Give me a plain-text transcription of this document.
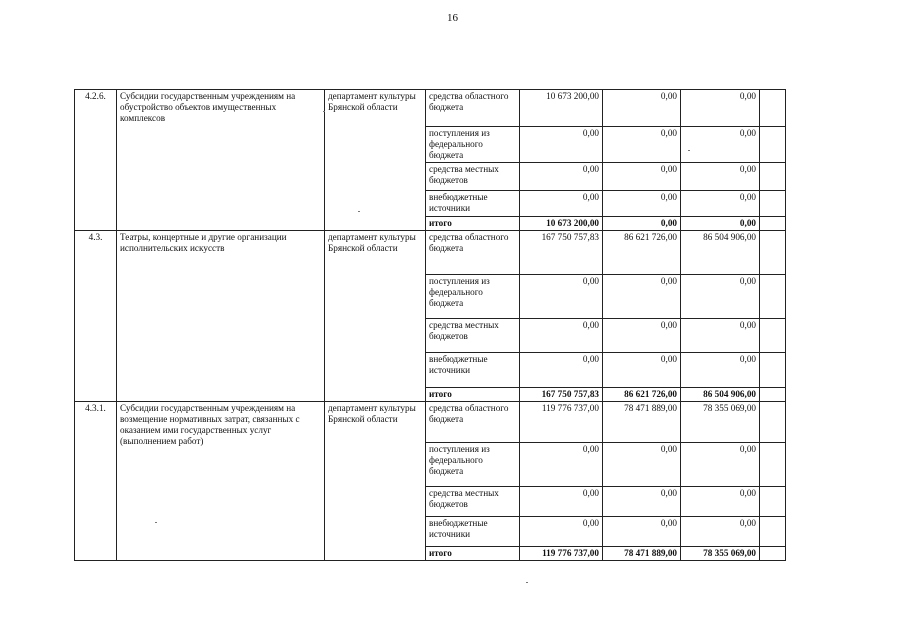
16
4.2.6.	Субсидии государственным учреждениям на обустройство объектов имущественных комплексов	департамент культуры Брянской области	средства областного бюджета	10 673 200,00	0,00	0,00	
			поступления из федерального бюджета	0,00	0,00	0,00	
			средства местных бюджетов	0,00	0,00	0,00	
			внебюджетные источники	0,00	0,00	0,00	
			итого	10 673 200,00	0,00	0,00	
4.3.	Театры, концертные и другие организации исполнительских искусств	департамент культуры Брянской области	средства областного бюджета	167 750 757,83	86 621 726,00	86 504 906,00	
			поступления из федерального бюджета	0,00	0,00	0,00	
			средства местных бюджетов	0,00	0,00	0,00	
			внебюджетные источники	0,00	0,00	0,00	
			итого	167 750 757,83	86 621 726,00	86 504 906,00	
4.3.1.	Субсидии государственным учреждениям на возмещение нормативных затрат, связанных с оказанием ими государственных услуг (выполнением работ)	департамент культуры Брянской области	средства областного бюджета	119 776 737,00	78 471 889,00	78 355 069,00	
			поступления из федерального бюджета	0,00	0,00	0,00	
			средства местных бюджетов	0,00	0,00	0,00	
			внебюджетные источники	0,00	0,00	0,00	
			итого	119 776 737,00	78 471 889,00	78 355 069,00	
